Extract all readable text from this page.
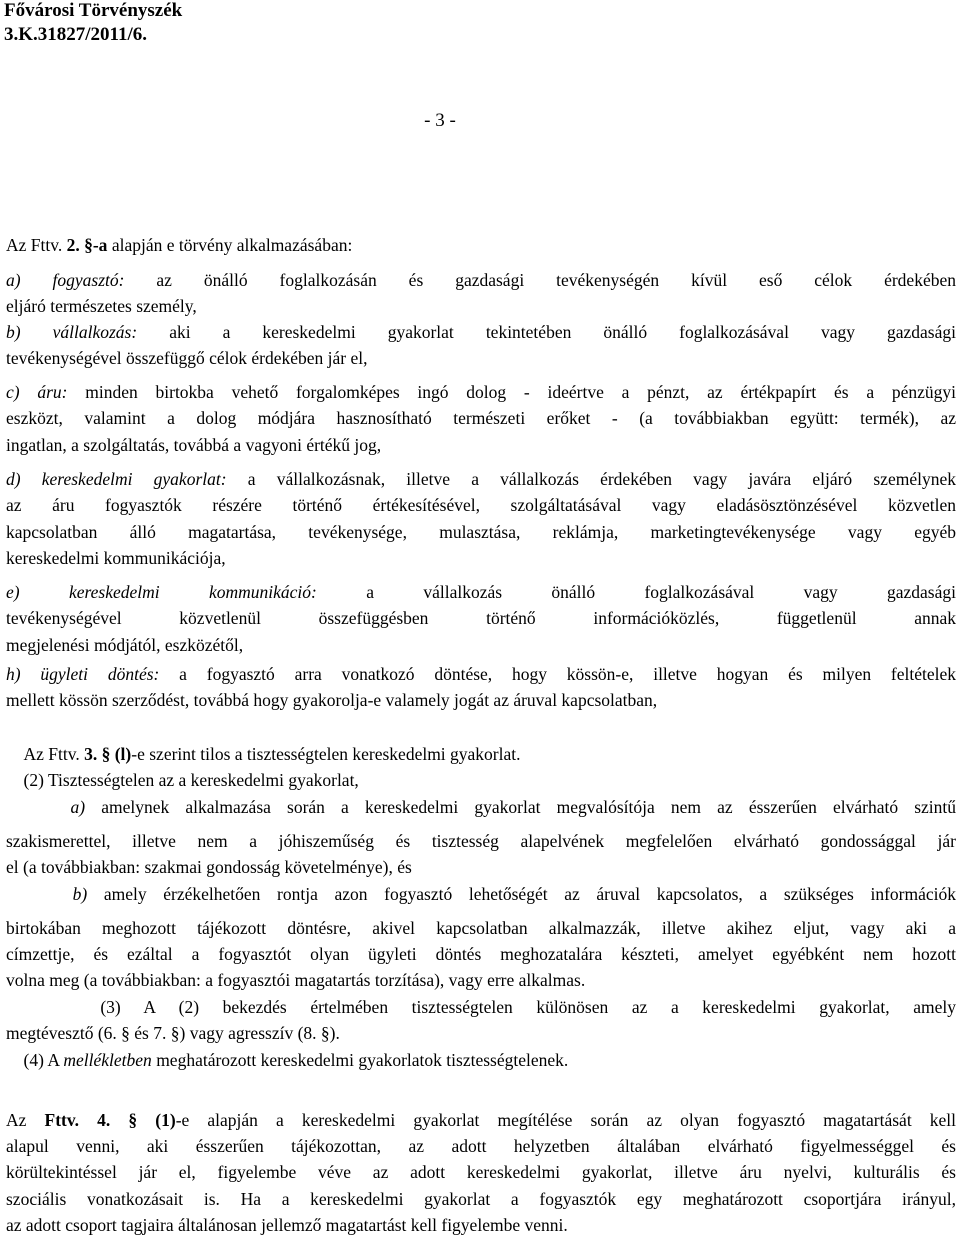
Fővárosi Törvényszék
3.K.31827/2011/6.
- 3 -
Az Fttv. 2. §-a alapján e törvény alkalmazásában:
a) fogyasztó: az önálló foglalkozásán és gazdasági tevékenységén kívül eső célok érdekében
eljáró természetes személy,
b) vállalkozás: aki a kereskedelmi gyakorlat tekintetében önálló foglalkozásával vagy gazdasági
tevékenységével összefüggő célok érdekében jár el,
c) áru: minden birtokba vehető forgalomképes ingó dolog - ideértve a pénzt, az értékpapírt és a pénzügyi
eszközt, valamint a dolog módjára hasznosítható természeti erőket - (a továbbiakban együtt: termék), az
ingatlan, a szolgáltatás, továbbá a vagyoni értékű jog,
d) kereskedelmi gyakorlat: a vállalkozásnak, illetve a vállalkozás érdekében vagy javára eljáró személynek
az áru fogyasztók részére történő értékesítésével, szolgáltatásával vagy eladásösztönzésével közvetlen
kapcsolatban álló magatartása, tevékenysége, mulasztása, reklámja, marketingtevékenysége vagy egyéb
kereskedelmi kommunikációja,
e) kereskedelmi kommunikáció: a vállalkozás önálló foglalkozásával vagy gazdasági
tevékenységével közvetlenül összefüggésben történő információközlés, függetlenül annak
megjelenési módjától, eszközétől,
h) ügyleti döntés: a fogyasztó arra vonatkozó döntése, hogy kössön-e, illetve hogyan és milyen feltételek
mellett kössön szerződést, továbbá hogy gyakorolja-e valamely jogát az áruval kapcsolatban,
Az Fttv. 3. § (l)-e szerint tilos a tisztességtelen kereskedelmi gyakorlat.
(2) Tisztességtelen az a kereskedelmi gyakorlat,
a) amelynek alkalmazása során a kereskedelmi gyakorlat megvalósítója nem az ésszerűen elvárható szintű
szakismerettel, illetve nem a jóhiszeműség és tisztesség alapelvének megfelelően elvárható gondossággal jár
el (a továbbiakban: szakmai gondosság követelménye), és
b) amely érzékelhetően rontja azon fogyasztó lehetőségét az áruval kapcsolatos, a szükséges információk
birtokában meghozott tájékozott döntésre, akivel kapcsolatban alkalmazzák, illetve akihez eljut, vagy aki a
címzettje, és ezáltal a fogyasztót olyan ügyleti döntés meghozatalára készteti, amelyet egyébként nem hozott
volna meg (a továbbiakban: a fogyasztói magatartás torzítása), vagy erre alkalmas.
(3) A (2) bekezdés értelmében tisztességtelen különösen az a kereskedelmi gyakorlat, amely
megtévesztő (6. § és 7. §) vagy agresszív (8. §).
(4) A mellékletben meghatározott kereskedelmi gyakorlatok tisztességtelenek.
Az Fttv. 4. § (1)-e alapján a kereskedelmi gyakorlat megítélése során az olyan fogyasztó magatartását kell
alapul venni, aki ésszerűen tájékozottan, az adott helyzetben általában elvárható figyelmességgel és
körültekintéssel jár el, figyelembe véve az adott kereskedelmi gyakorlat, illetve áru nyelvi, kulturális és
szociális vonatkozásait is. Ha a kereskedelmi gyakorlat a fogyasztók egy meghatározott csoportjára irányul,
az adott csoport tagjaira általánosan jellemző magatartást kell figyelembe venni.
